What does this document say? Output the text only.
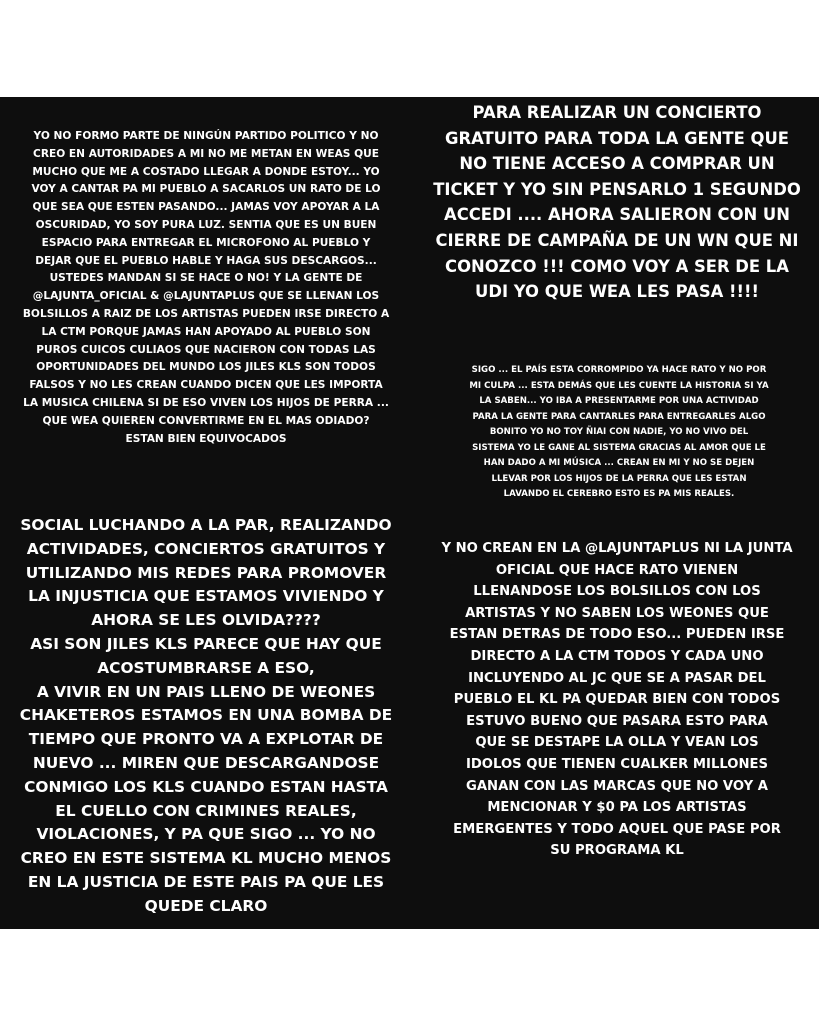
YO NO FORMO PARTE DE NINGÚN PARTIDO POLITICO Y NO

CREO EN AUTORIDADES A MI NO ME METAN EN WEAS QUE

MUCHO QUE ME A COSTADO LLEGAR A DONDE ESTOY... YO

VOY A CANTAR PA MI PUEBLO A SACARLOS UN RATO DE LO

QUE SEA QUE ESTEN PASANDO... JAMAS VOY APOYAR A LA

OSCURIDAD, YO SOY PURA LUZ. SENTIA QUE ES UN BUEN

ESPACIO PARA ENTREGAR EL MICROFONO AL PUEBLO Y

DEJAR QUE EL PUEBLO HABLE Y HAGA SUS DESCARGOS...

USTEDES MANDAN SI SE HACE O NO! Y LA GENTE DE

@LAJUNTA_OFICIAL & @LAJUNTAPLUS QUE SE LLENAN LOS

BOLSILLOS A RAIZ DE LOS ARTISTAS PUEDEN IRSE DIRECTO A

LA CTM PORQUE JAMAS HAN APOYADO AL PUEBLO SON

PUROS CUICOS CULIAOS QUE NACIERON CON TODAS LAS

OPORTUNIDADES DEL MUNDO LOS JILES KLS SON TODOS

FALSOS Y NO LES CREAN CUANDO DICEN QUE LES IMPORTA

LA MUSICA CHILENA SI DE ESO VIVEN LOS HIJOS DE PERRA ...

QUE WEA QUIEREN CONVERTIRME EN EL MAS ODIADO?

ESTAN BIEN EQUIVOCADOS

PARA REALIZAR UN CONCIERTO

GRATUITO PARA TODA LA GENTE QUE

NO TIENE ACCESO A COMPRAR UN

TICKET Y YO SIN PENSARLO 1 SEGUNDO

ACCEDI .... AHORA SALIERON CON UN

CIERRE DE CAMPAÑA DE UN WN QUE NI

CONOZCO !!! COMO VOY A SER DE LA

UDI YO QUE WEA LES PASA !!!!

SIGO ... EL PAÍS ESTA CORROMPIDO YA HACE RATO Y NO POR

MI CULPA ... ESTA DEMÁS QUE LES CUENTE LA HISTORIA SI YA

LA SABEN... YO IBA A PRESENTARME POR UNA ACTIVIDAD

PARA LA GENTE PARA CANTARLES PARA ENTREGARLES ALGO

BONITO YO NO TOY ÑIAI CON NADIE, YO NO VIVO DEL

SISTEMA YO LE GANE AL SISTEMA GRACIAS AL AMOR QUE LE

HAN DADO A MI MÚSICA ... CREAN EN MI Y NO SE DEJEN

LLEVAR POR LOS HIJOS DE LA PERRA QUE LES ESTAN

LAVANDO EL CEREBRO ESTO ES PA MIS REALES.

SOCIAL LUCHANDO A LA PAR, REALIZANDO

ACTIVIDADES, CONCIERTOS GRATUITOS Y

UTILIZANDO MIS REDES PARA PROMOVER

LA INJUSTICIA QUE ESTAMOS VIVIENDO Y

AHORA SE LES OLVIDA????

ASI SON JILES KLS PARECE QUE HAY QUE

ACOSTUMBRARSE A ESO,

A VIVIR EN UN PAIS LLENO DE WEONES

CHAKETEROS ESTAMOS EN UNA BOMBA DE

TIEMPO QUE PRONTO VA A EXPLOTAR DE

NUEVO ... MIREN QUE DESCARGANDOSE

CONMIGO LOS KLS CUANDO ESTAN HASTA

EL CUELLO CON CRIMINES REALES,

VIOLACIONES, Y PA QUE SIGO ... YO NO

CREO EN ESTE SISTEMA KL MUCHO MENOS

EN LA JUSTICIA DE ESTE PAIS PA QUE LES

QUEDE CLARO

Y NO CREAN EN LA @LAJUNTAPLUS NI LA JUNTA

OFICIAL QUE HACE RATO VIENEN

LLENANDOSE LOS BOLSILLOS CON LOS

ARTISTAS Y NO SABEN LOS WEONES QUE

ESTAN DETRAS DE TODO ESO... PUEDEN IRSE

DIRECTO A LA CTM TODOS Y CADA UNO

INCLUYENDO AL JC QUE SE A PASAR DEL

PUEBLO EL KL PA QUEDAR BIEN CON TODOS

ESTUVO BUENO QUE PASARA ESTO PARA

QUE SE DESTAPE LA OLLA Y VEAN LOS

IDOLOS QUE TIENEN CUALKER MILLONES

GANAN CON LAS MARCAS QUE NO VOY A

MENCIONAR Y $0 PA LOS ARTISTAS

EMERGENTES Y TODO AQUEL QUE PASE POR

SU PROGRAMA KL
